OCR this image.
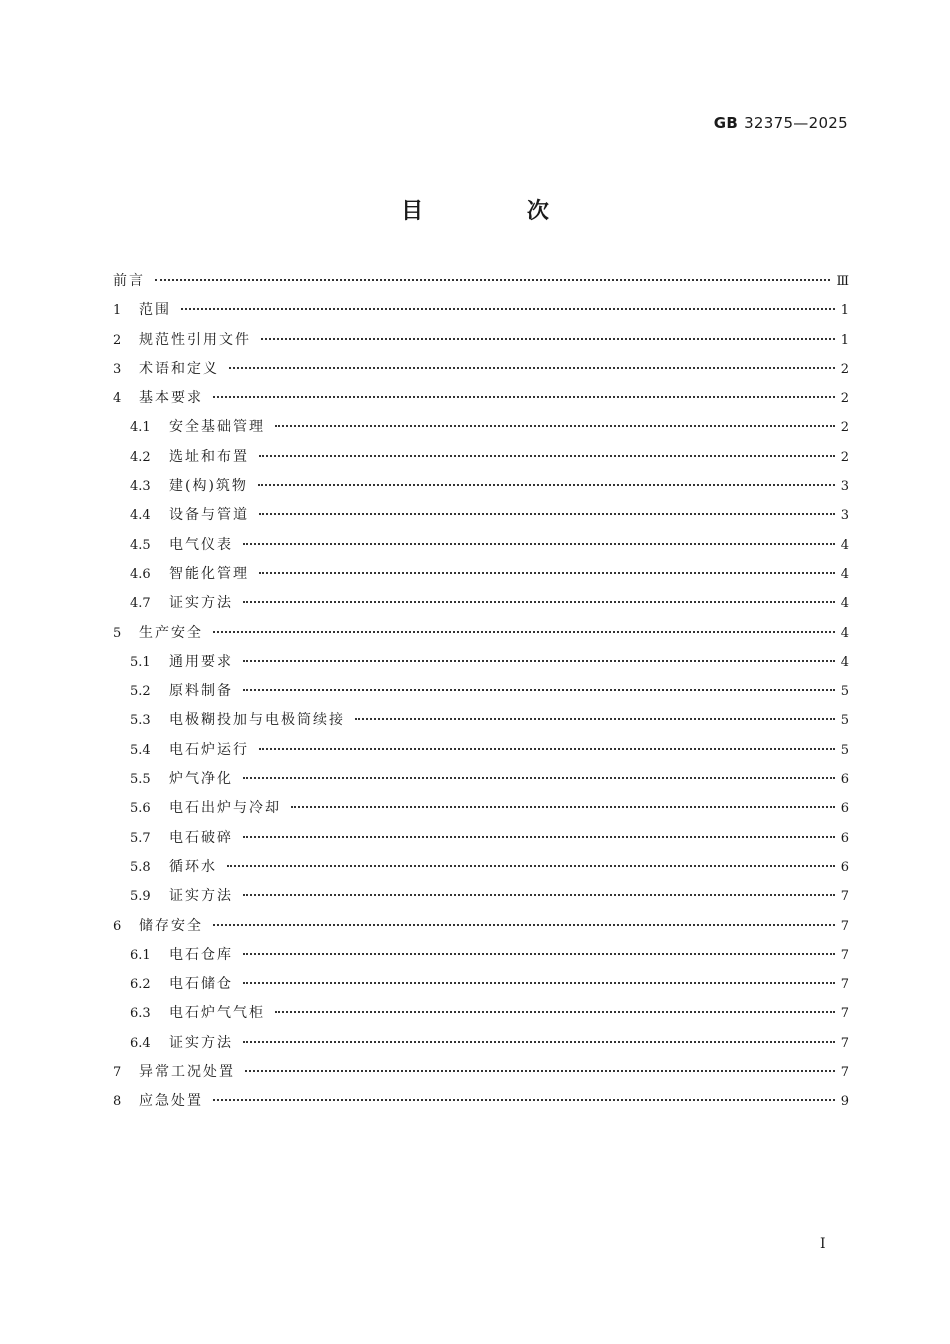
GB 32375—2025
目 次
前言	Ⅲ
1	范围	1
2	规范性引用文件	1
3	术语和定义	2
4	基本要求	2
4.1	安全基础管理	2
4.2	选址和布置	2
4.3	建(构)筑物	3
4.4	设备与管道	3
4.5	电气仪表	4
4.6	智能化管理	4
4.7	证实方法	4
5	生产安全	4
5.1	通用要求	4
5.2	原料制备	5
5.3	电极糊投加与电极筒续接	5
5.4	电石炉运行	5
5.5	炉气净化	6
5.6	电石出炉与冷却	6
5.7	电石破碎	6
5.8	循环水	6
5.9	证实方法	7
6	储存安全	7
6.1	电石仓库	7
6.2	电石储仓	7
6.3	电石炉气气柜	7
6.4	证实方法	7
7	异常工况处置	7
8	应急处置	9
I
